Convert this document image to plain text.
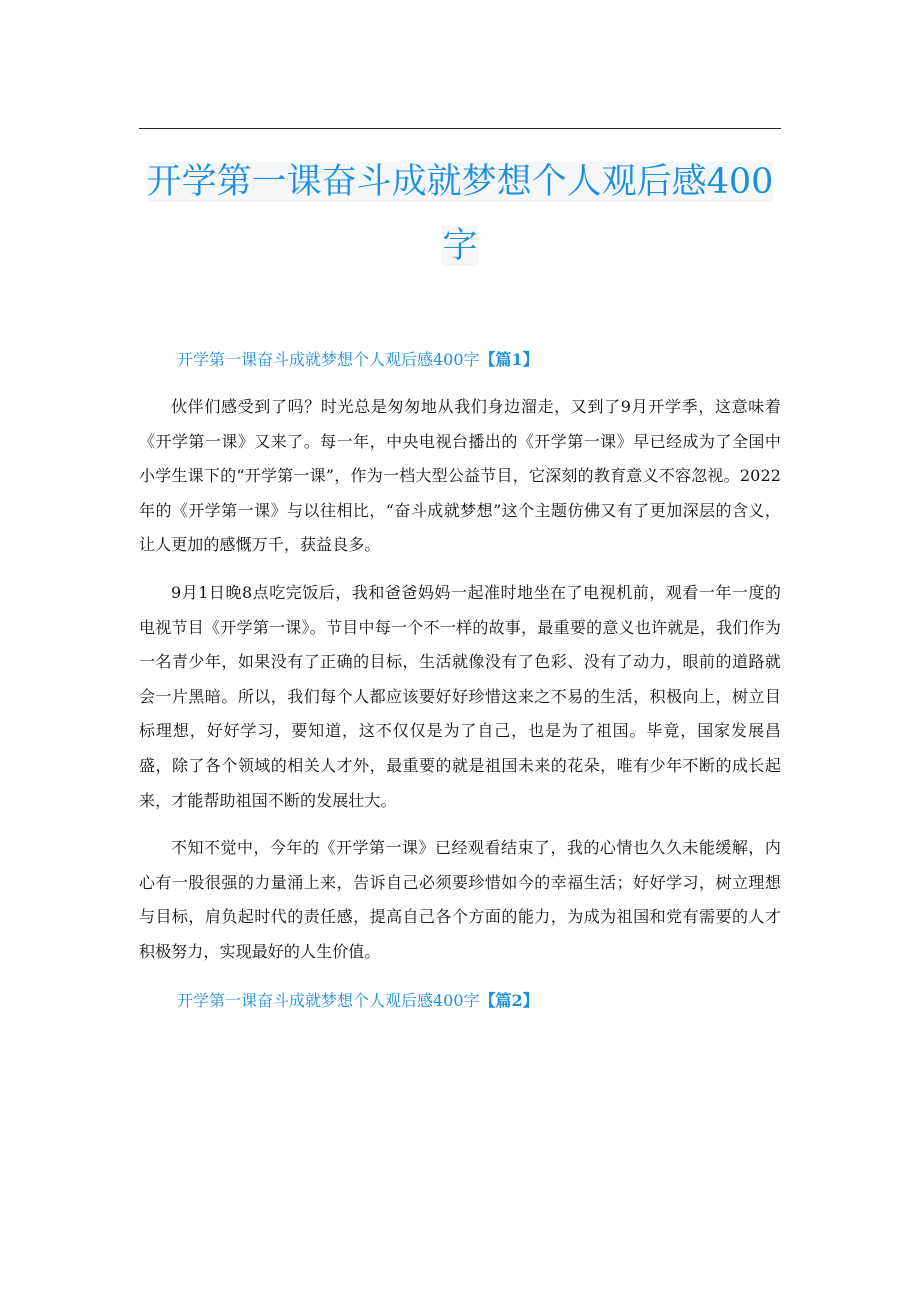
开学第一课奋斗成就梦想个人观后感400字
开学第一课奋斗成就梦想个人观后感400字【篇1】

伙伴们感受到了吗？时光总是匆匆地从我们身边溜走，又到了9月开学季，这意味着《开学第一课》又来了。每一年，中央电视台播出的《开学第一课》早已经成为了全国中小学生课下的“开学第一课”，作为一档大型公益节目，它深刻的教育意义不容忽视。2022年的《开学第一课》与以往相比，“奋斗成就梦想”这个主题仿佛又有了更加深层的含义，让人更加的感慨万千，获益良多。

9月1日晚8点吃完饭后，我和爸爸妈妈一起准时地坐在了电视机前，观看一年一度的电视节目《开学第一课》。节目中每一个不一样的故事，最重要的意义也许就是，我们作为一名青少年，如果没有了正确的目标，生活就像没有了色彩、没有了动力，眼前的道路就会一片黑暗。所以，我们每个人都应该要好好珍惜这来之不易的生活，积极向上，树立目标理想，好好学习，要知道，这不仅仅是为了自己，也是为了祖国。毕竟，国家发展昌盛，除了各个领域的相关人才外，最重要的就是祖国未来的花朵，唯有少年不断的成长起来，才能帮助祖国不断的发展壮大。

不知不觉中，今年的《开学第一课》已经观看结束了，我的心情也久久未能缓解，内心有一股很强的力量涌上来，告诉自己必须要珍惜如今的幸福生活；好好学习，树立理想与目标，肩负起时代的责任感，提高自己各个方面的能力，为成为祖国和党有需要的人才积极努力，实现最好的人生价值。

开学第一课奋斗成就梦想个人观后感400字【篇2】
